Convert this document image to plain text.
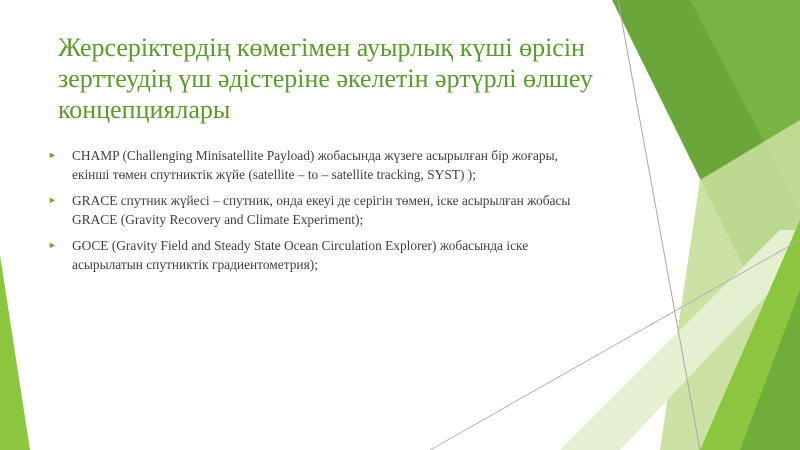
Жерсеріктердің көмегімен ауырлық күші өрісін зерттеудің үш әдістеріне әкелетін әртүрлі өлшеу концепциялары
► CHAMP (Challenging Minisatellite Payload) жобасында жүзеге асырылған бір жоғары, екінші төмен спутниктік жүйе (satellite – to – satellite tracking, SYST) );
► GRACE спутник жүйесі – спутник, онда екеуі де серігін төмен, іске асырылған жобасы GRACE (Gravity Recovery and Climate Experiment);
► GOCE (Gravity Field and Steady State Ocean Circulation Explorer) жобасында іске асырылатын спутниктік градиентометрия);
